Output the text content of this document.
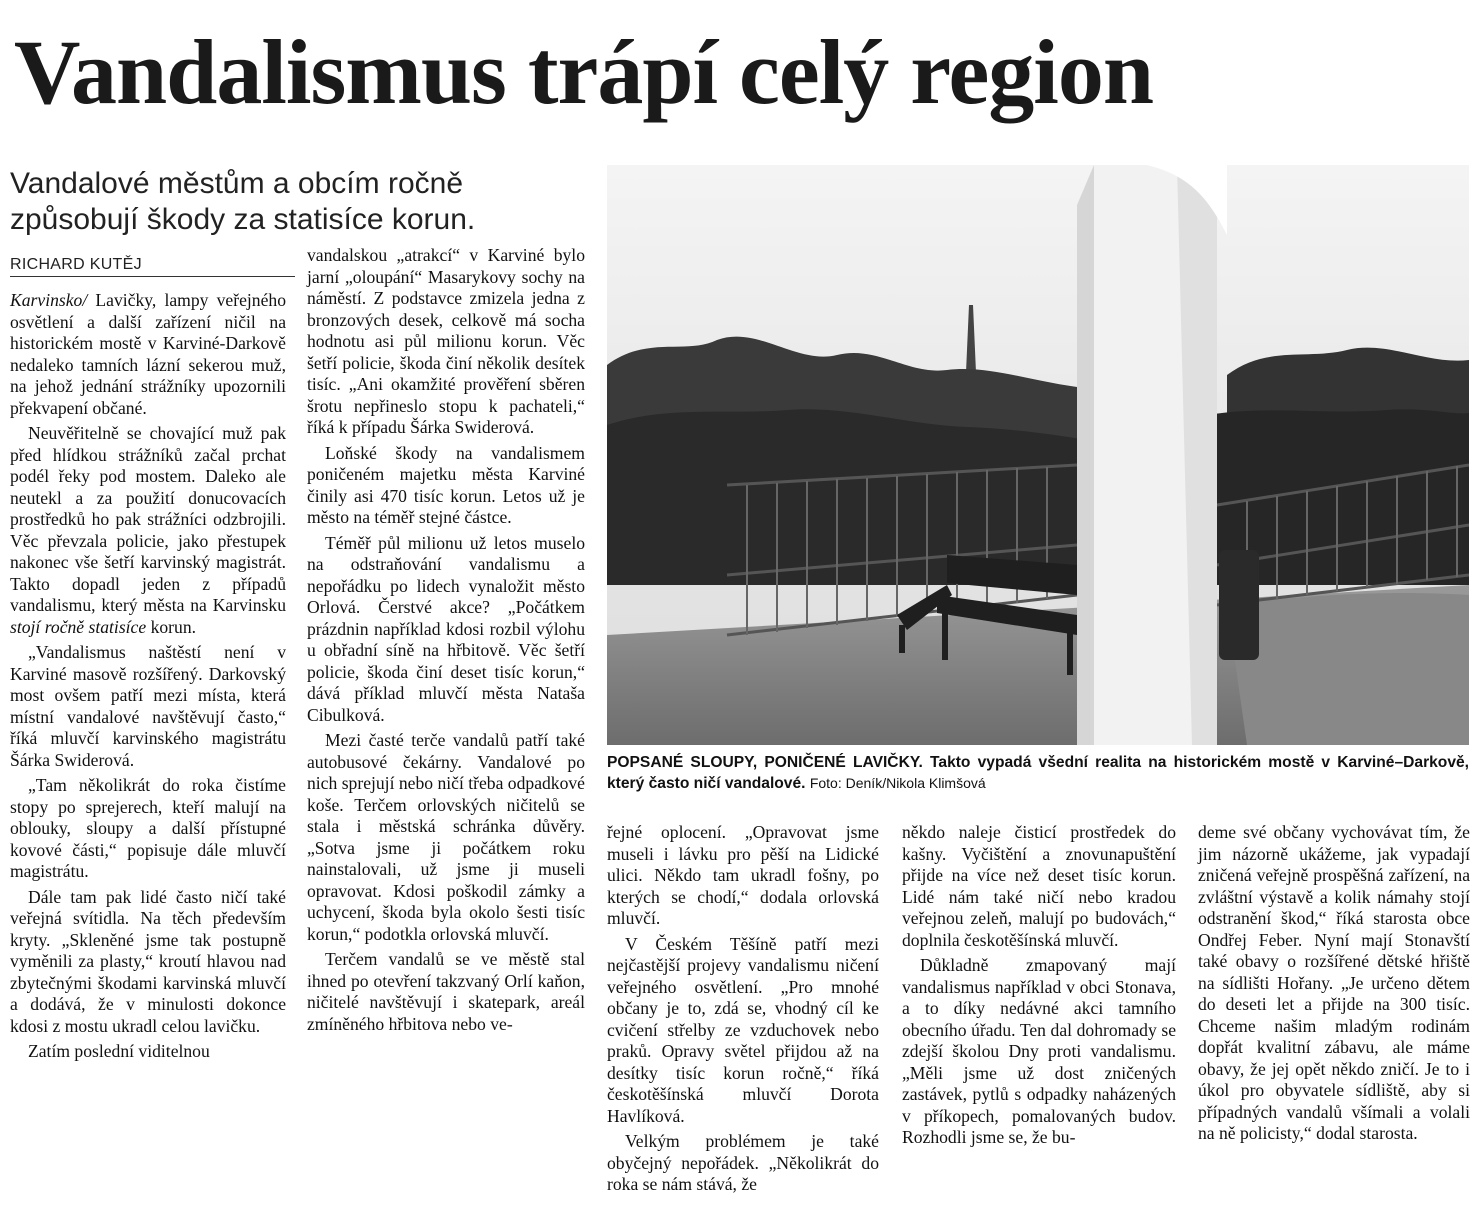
Vandalismus trápí celý region

Vandalové městům a obcím ročně způsobují škody za statisíce korun.

RICHARD KUTĚJ

Karvinsko/ Lavičky, lampy veřejného osvětlení a další zařízení ničil na historickém mostě v Karviné-Darkově nedaleko tamních lázní sekerou muž, na jehož jednání strážníky upozornili překvapení občané.

Neuvěřitelně se chovající muž pak před hlídkou strážníků začal prchat podél řeky pod mostem. Daleko ale neutekl a za použití donucovacích prostředků ho pak strážníci odzbrojili. Věc převzala policie, jako přestupek nakonec vše šetří karvinský magistrát. Takto dopadl jeden z případů vandalismu, který města na Karvinsku stojí ročně statisíce korun.

„Vandalismus naštěstí není v Karviné masově rozšířený. Darkovský most ovšem patří mezi místa, která místní vandalové navštěvují často,“ říká mluvčí karvinského magistrátu Šárka Swiderová.

„Tam několikrát do roka čistíme stopy po sprejerech, kteří malují na oblouky, sloupy a další přístupné kovové části,“ popisuje dále mluvčí magistrátu.

Dále tam pak lidé často ničí také veřejná svítidla. Na těch především kryty. „Skleněné jsme tak postupně vyměnili za plasty,“ kroutí hlavou nad zbytečnými škodami karvinská mluvčí a dodává, že v minulosti dokonce kdosi z mostu ukradl celou lavičku.

Zatím poslední viditelnou

vandalskou „atrakcí“ v Karviné bylo jarní „oloupání“ Masarykovy sochy na náměstí. Z podstavce zmizela jedna z bronzových desek, celkově má socha hodnotu asi půl milionu korun. Věc šetří policie, škoda činí několik desítek tisíc. „Ani okamžité prověření sběren šrotu nepřineslo stopu k pachateli,“ říká k případu Šárka Swiderová.

Loňské škody na vandalismem poničeném majetku města Karviné činily asi 470 tisíc korun. Letos už je město na téměř stejné částce.

Téměř půl milionu už letos muselo na odstraňování vandalismu a nepořádku po lidech vynaložit město Orlová. Čerstvé akce? „Počátkem prázdnin například kdosi rozbil výlohu u obřadní síně na hřbitově. Věc šetří policie, škoda činí deset tisíc korun,“ dává příklad mluvčí města Nataša Cibulková.

Mezi časté terče vandalů patří také autobusové čekárny. Vandalové po nich sprejují nebo ničí třeba odpadkové koše. Terčem orlovských ničitelů se stala i městská schránka důvěry. „Sotva jsme ji počátkem roku nainstalovali, už jsme ji museli opravovat. Kdosi poškodil zámky a uchycení, škoda byla okolo šesti tisíc korun,“ podotkla orlovská mluvčí.

Terčem vandalů se ve městě stal ihned po otevření takzvaný Orlí kaňon, ničitelé navštěvují i skatepark, areál zmíněného hřbitova nebo ve-

POPSANÉ SLOUPY, PONIČENÉ LAVIČKY. Takto vypadá všední realita na historickém mostě v Karviné–Darkově, který často ničí vandalové. Foto: Deník/Nikola Klimšová

řejné oplocení. „Opravovat jsme museli i lávku pro pěší na Lidické ulici. Někdo tam ukradl fošny, po kterých se chodí,“ dodala orlovská mluvčí.

V Českém Těšíně patří mezi nejčastější projevy vandalismu ničení veřejného osvětlení. „Pro mnohé občany je to, zdá se, vhodný cíl ke cvičení střelby ze vzduchovek nebo praků. Opravy světel přijdou až na desítky tisíc korun ročně,“ říká českotěšínská mluvčí Dorota Havlíková.

Velkým problémem je také obyčejný nepořádek. „Několikrát do roka se nám stává, že

někdo naleje čisticí prostředek do kašny. Vyčištění a znovunapuštění přijde na více než deset tisíc korun. Lidé nám také ničí nebo kradou veřejnou zeleň, malují po budovách,“ doplnila českotěšínská mluvčí.

Důkladně zmapovaný mají vandalismus například v obci Stonava, a to díky nedávné akci tamního obecního úřadu. Ten dal dohromady se zdejší školou Dny proti vandalismu. „Měli jsme už dost zničených zastávek, pytlů s odpadky naházených v příkopech, pomalovaných budov. Rozhodli jsme se, že bu-

deme své občany vychovávat tím, že jim názorně ukážeme, jak vypadají zničená veřejně prospěšná zařízení, na zvláštní výstavě a kolik námahy stojí odstranění škod,“ říká starosta obce Ondřej Feber. Nyní mají Stonavští také obavy o rozšířené dětské hřiště na sídlišti Hořany. „Je určeno dětem do deseti let a přijde na 300 tisíc. Chceme našim mladým rodinám dopřát kvalitní zábavu, ale máme obavy, že jej opět někdo zničí. Je to i úkol pro obyvatele sídliště, aby si případných vandalů všímali a volali na ně policisty,“ dodal starosta.
